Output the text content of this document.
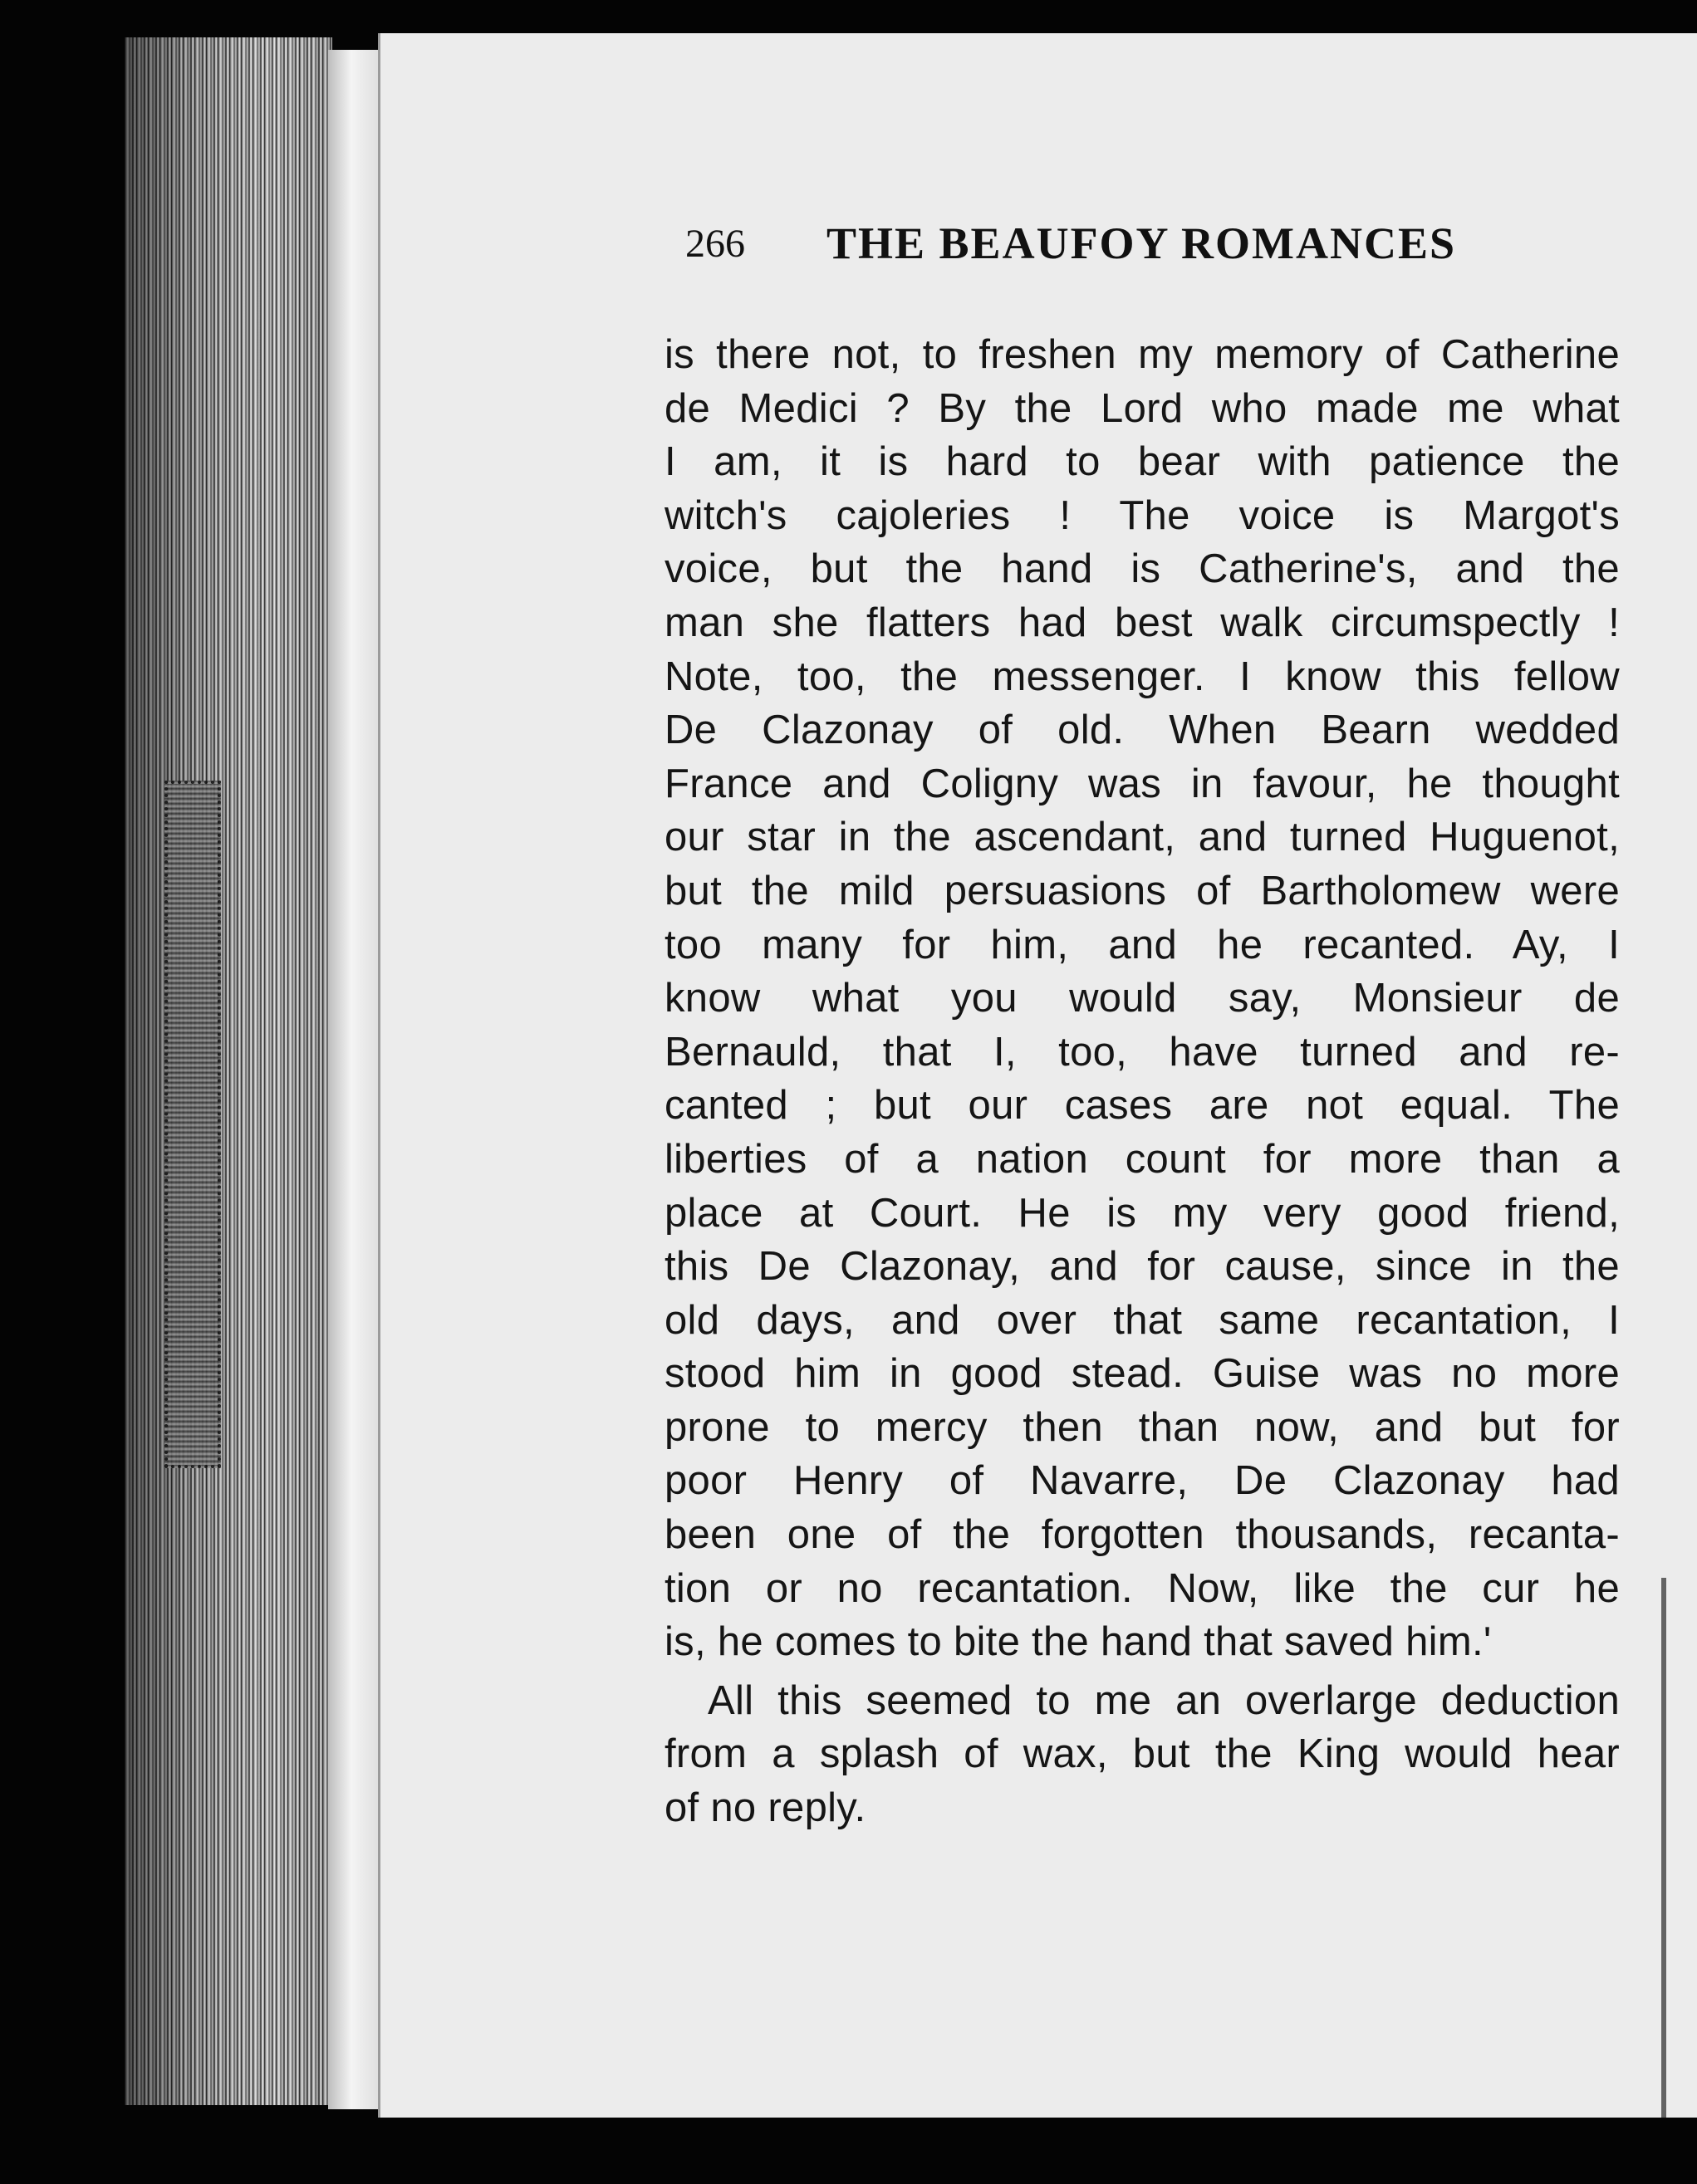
266 THE BEAUFOY ROMANCES
is there not, to freshen my memory of Catherine
de Medici ? By the Lord who made me what
I am, it is hard to bear with patience the
witch's cajoleries ! The voice is Margot's
voice, but the hand is Catherine's, and the
man she flatters had best walk circumspectly !
Note, too, the messenger. I know this fellow
De Clazonay of old. When Bearn wedded
France and Coligny was in favour, he thought
our star in the ascendant, and turned Huguenot,
but the mild persuasions of Bartholomew were
too many for him, and he recanted. Ay, I
know what you would say, Monsieur de
Bernauld, that I, too, have turned and re-
canted ; but our cases are not equal. The
liberties of a nation count for more than a
place at Court. He is my very good friend,
this De Clazonay, and for cause, since in the
old days, and over that same recantation, I
stood him in good stead. Guise was no more
prone to mercy then than now, and but for
poor Henry of Navarre, De Clazonay had
been one of the forgotten thousands, recanta-
tion or no recantation. Now, like the cur he
is, he comes to bite the hand that saved him.'
All this seemed to me an overlarge deduction
from a splash of wax, but the King would hear
of no reply.
